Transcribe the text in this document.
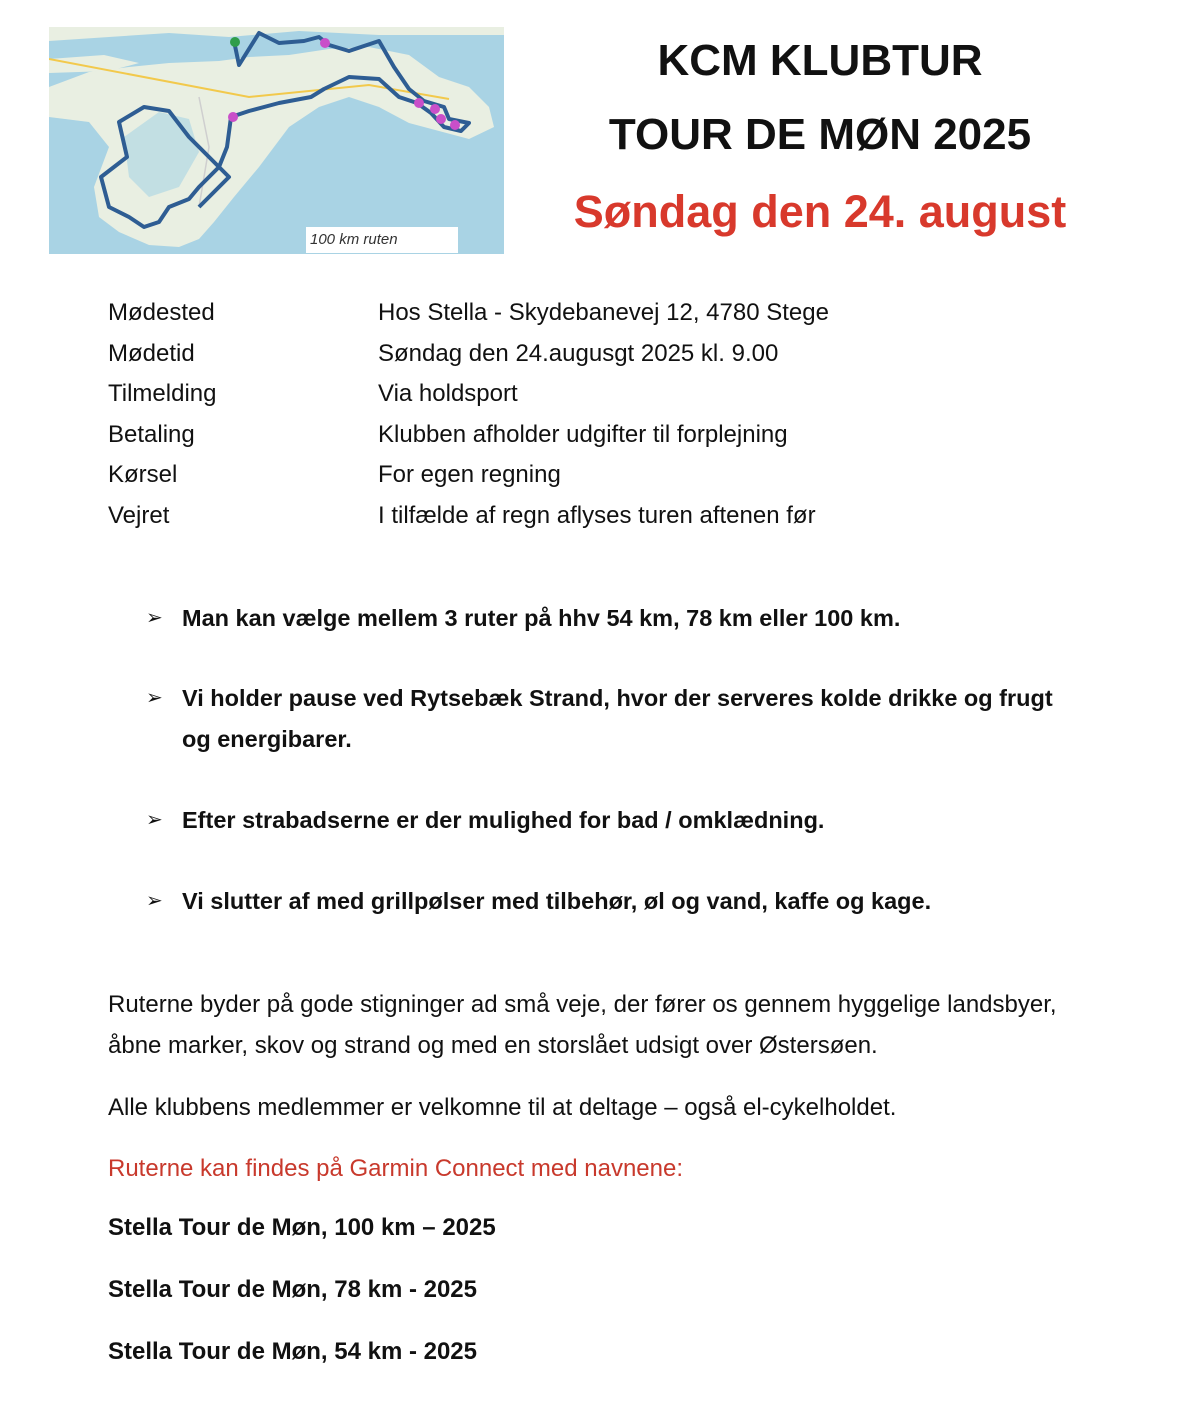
100 km ruten
KCM KLUBTUR
TOUR DE MØN 2025
Søndag den 24. august
Mødested	Hos Stella - Skydebanevej 12, 4780 Stege
Mødetid	Søndag den 24.augusgt 2025 kl. 9.00
Tilmelding	Via holdsport
Betaling	Klubben afholder udgifter til forplejning
Kørsel	For egen regning
Vejret	I tilfælde af regn aflyses turen aftenen før
➢ Man kan vælge mellem 3 ruter på hhv 54 km, 78 km eller 100 km.
➢ Vi holder pause ved Rytsebæk Strand, hvor der serveres kolde drikke og frugt og energibarer.
➢ Efter strabadserne er der mulighed for bad / omklædning.
➢ Vi slutter af med grillpølser med tilbehør, øl og vand, kaffe og kage.
Ruterne byder på gode stigninger ad små veje, der fører os gennem hyggelige landsbyer, åbne marker, skov og strand og med en storslået udsigt over Østersøen.
Alle klubbens medlemmer er velkomne til at deltage – også el-cykelholdet.
Ruterne kan findes på Garmin Connect med navnene:
Stella Tour de Møn, 100 km – 2025
Stella Tour de Møn, 78 km - 2025
Stella Tour de Møn, 54 km - 2025
